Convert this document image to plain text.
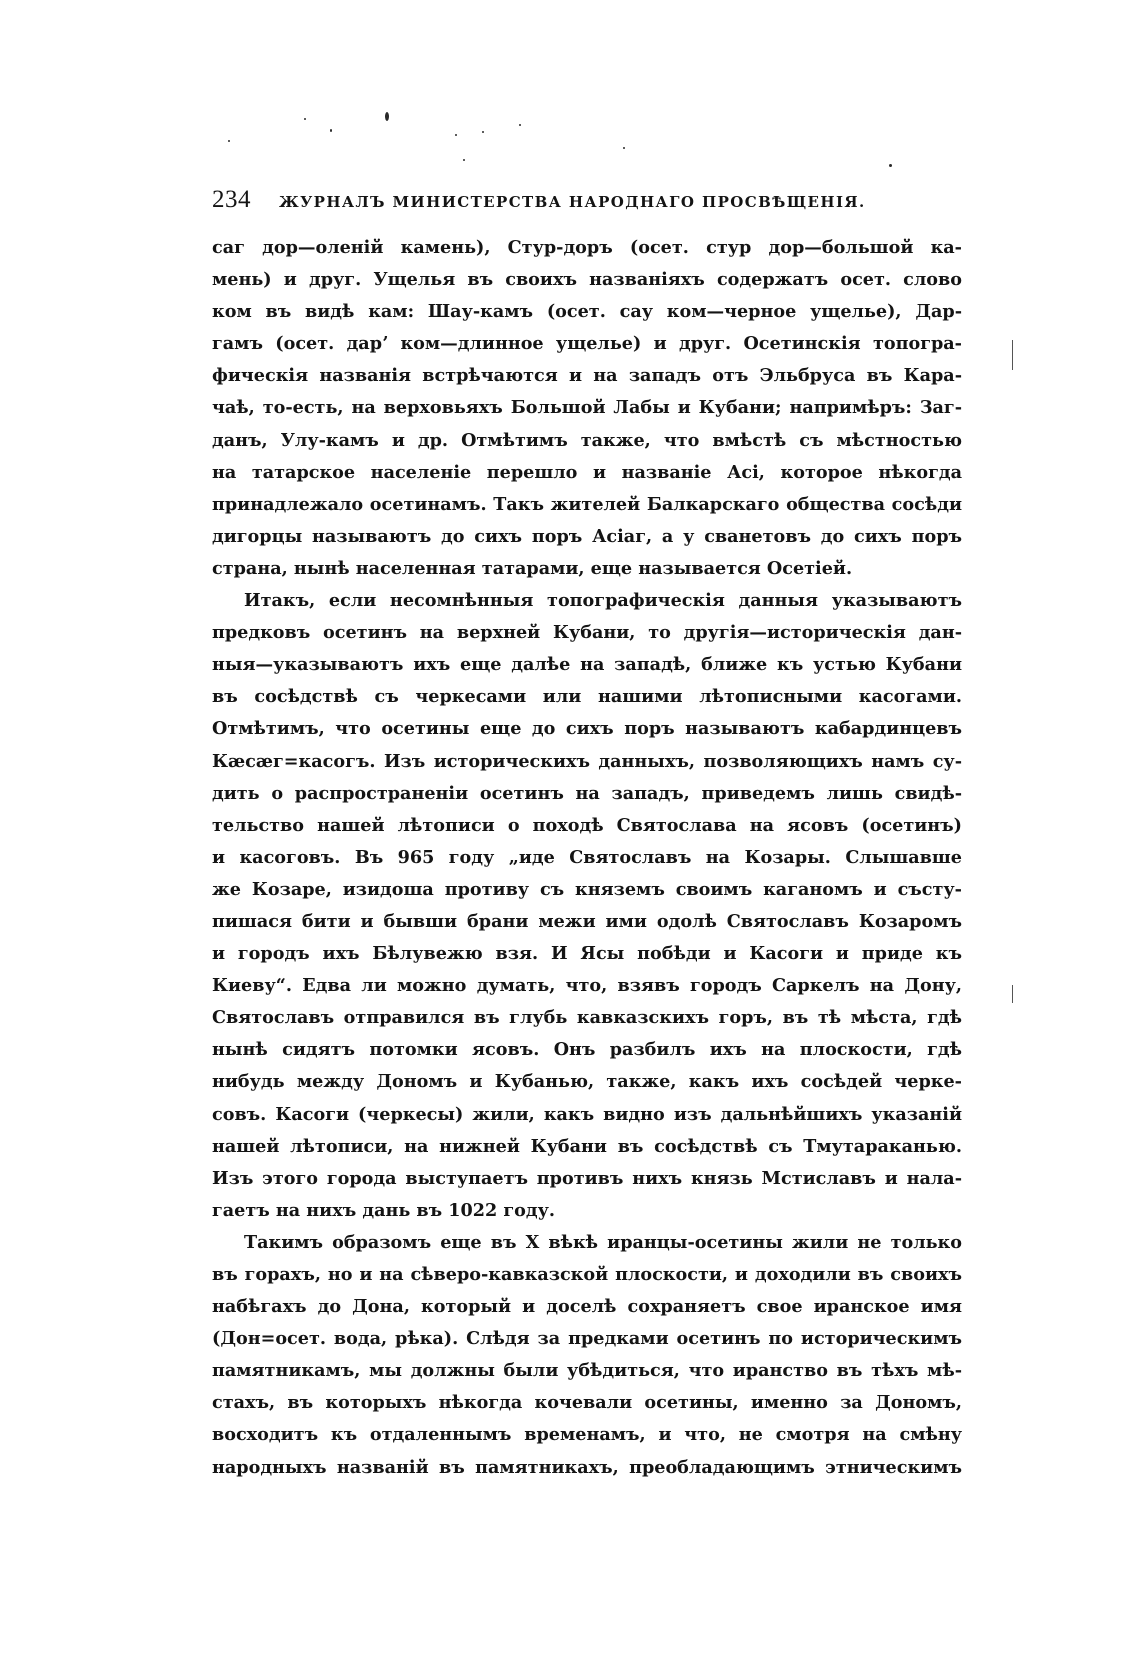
234 ЖУРНАЛЪ МИНИСТЕРСТВА НАРОДНАГО ПРОСВѢЩЕНІЯ.
саг дор—оленій камень), Стур-доръ (осет. стур дор—большой ка-
мень) и друг. Ущелья въ своихъ названіяхъ содержатъ осет. слово
ком въ видѣ кам: Шау-камъ (осет. сау ком—черное ущелье), Дар-
гамъ (осет. дарʼ ком—длинное ущелье) и друг. Осетинскія топогра-
фическія названія встрѣчаются и на западъ отъ Эльбруса въ Кара-
чаѣ, то-есть, на верховьяхъ Большой Лабы и Кубани; напримѣръ: Заг-
данъ, Улу-камъ и др. Отмѣтимъ также, что вмѣстѣ съ мѣстностью
на татарское населеніе перешло и названіе Асі, которое нѣкогда
принадлежало осетинамъ. Такъ жителей Балкарскаго общества сосѣди
дигорцы называютъ до сихъ поръ Асіаг, а у сванетовъ до сихъ поръ
страна, нынѣ населенная татарами, еще называется Осетіей.
Итакъ, если несомнѣнныя топографическія данныя указываютъ
предковъ осетинъ на верхней Кубани, то другія—историческія дан-
ныя—указываютъ ихъ еще далѣе на западѣ, ближе къ устью Кубани
въ сосѣдствѣ съ черкесами или нашими лѣтописными касогами.
Отмѣтимъ, что осетины еще до сихъ поръ называютъ кабардинцевъ
Кӕсӕг=касогъ. Изъ историческихъ данныхъ, позволяющихъ намъ су-
дить о распространеніи осетинъ на западъ, приведемъ лишь свидѣ-
тельство нашей лѣтописи о походѣ Святослава на ясовъ (осетинъ)
и касоговъ. Въ 965 году „иде Святославъ на Козары. Слышавше
же Козаре, изидоша противу съ княземъ своимъ каганомъ и състу-
пишася бити и бывши брани межи ими одолѣ Святославъ Козаромъ
и городъ ихъ Бѣлувежю взя. И Ясы побѣди и Касоги и приде къ
Киеву“. Едва ли можно думать, что, взявъ городъ Саркелъ на Дону,
Святославъ отправился въ глубь кавказскихъ горъ, въ тѣ мѣста, гдѣ
нынѣ сидятъ потомки ясовъ. Онъ разбилъ ихъ на плоскости, гдѣ
нибудь между Дономъ и Кубанью, также, какъ ихъ сосѣдей черке-
совъ. Касоги (черкесы) жили, какъ видно изъ дальнѣйшихъ указаній
нашей лѣтописи, на нижней Кубани въ сосѣдствѣ съ Тмутараканью.
Изъ этого города выступаетъ противъ нихъ князь Мстиславъ и нала-
гаетъ на нихъ дань въ 1022 году.
Такимъ образомъ еще въ X вѣкѣ иранцы-осетины жили не только
въ горахъ, но и на сѣверо-кавказской плоскости, и доходили въ своихъ
набѣгахъ до Дона, который и доселѣ сохраняетъ свое иранское имя
(Дон=осет. вода, рѣка). Слѣдя за предками осетинъ по историческимъ
памятникамъ, мы должны были убѣдиться, что иранство въ тѣхъ мѣ-
стахъ, въ которыхъ нѣкогда кочевали осетины, именно за Дономъ,
восходитъ къ отдаленнымъ временамъ, и что, не смотря на смѣну
народныхъ названій въ памятникахъ, преобладающимъ этническимъ
